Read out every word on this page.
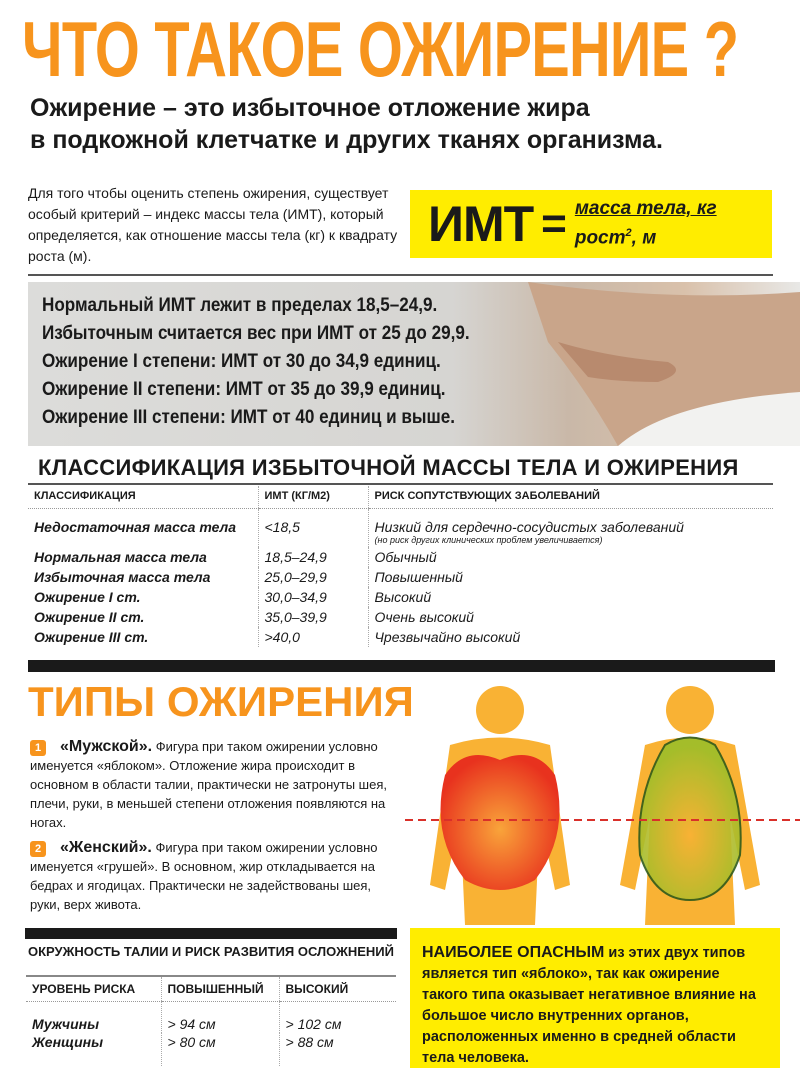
ЧТО ТАКОЕ ОЖИРЕНИЕ ?
Ожирение – это избыточное отложение жира
в подкожной клетчатке и других тканях организма.
Для того чтобы оценить степень ожирения, существует особый критерий – индекс массы тела (ИМТ), который определяется, как отношение массы тела (кг) к квадрату роста (м).
ИМТ = $\frac{\text{масса тела, кг}}{рост^2, м}$
Нормальный ИМТ лежит в пределах 18,5–24,9.
Избыточным считается вес при ИМТ от 25 до 29,9.
Ожирение I степени: ИМТ от 30 до 34,9 единиц.
Ожирение II степени: ИМТ от 35 до 39,9 единиц.
Ожирение III степени: ИМТ от 40 единиц и выше.
КЛАССИФИКАЦИЯ ИЗБЫТОЧНОЙ МАССЫ ТЕЛА И ОЖИРЕНИЯ
КЛАССИФИКАЦИЯ	ИМТ (КГ/М2)	РИСК СОПУТСТВУЮЩИХ ЗАБОЛЕВАНИЙ
Недостаточная масса тела	<18,5	Низкий для сердечно-сосудистых заболеваний
(но риск других клинических проблем увеличивается)

Нормальная масса тела	18,5–24,9	Обычный
Избыточная масса тела	25,0–29,9	Повышенный
Ожирение I ст.	30,0–34,9	Высокий
Ожирение II ст.	35,0–39,9	Очень высокий
Ожирение III ст.	>40,0	Чрезвычайно высокий
ТИПЫ ОЖИРЕНИЯ
1 «Мужской». Фигура при таком ожирении условно именуется «яблоком». Отложение жира происходит в основном в области талии, практически не затронуты шея, плечи, руки, в меньшей степени отложения появляются на ногах.
2 «Женский». Фигура при таком ожирении условно именуется «грушей». В основном, жир откладывается на бедрах и ягодицах. Практически не задействованы шея, руки, верх живота.
ОКРУЖНОСТЬ ТАЛИИ И РИСК РАЗВИТИЯ ОСЛОЖНЕНИЙ
УРОВЕНЬ РИСКА	ПОВЫШЕННЫЙ	ВЫСОКИЙ
Мужчины	> 94 см	> 102 см
Женщины	> 80 см	> 88 см
НАИБОЛЕЕ ОПАСНЫМ из этих двух типов является тип «яблоко», так как ожирение такого типа оказывает негативное влияние на большое число внутренних органов, расположенных именно в средней области тела человека.
